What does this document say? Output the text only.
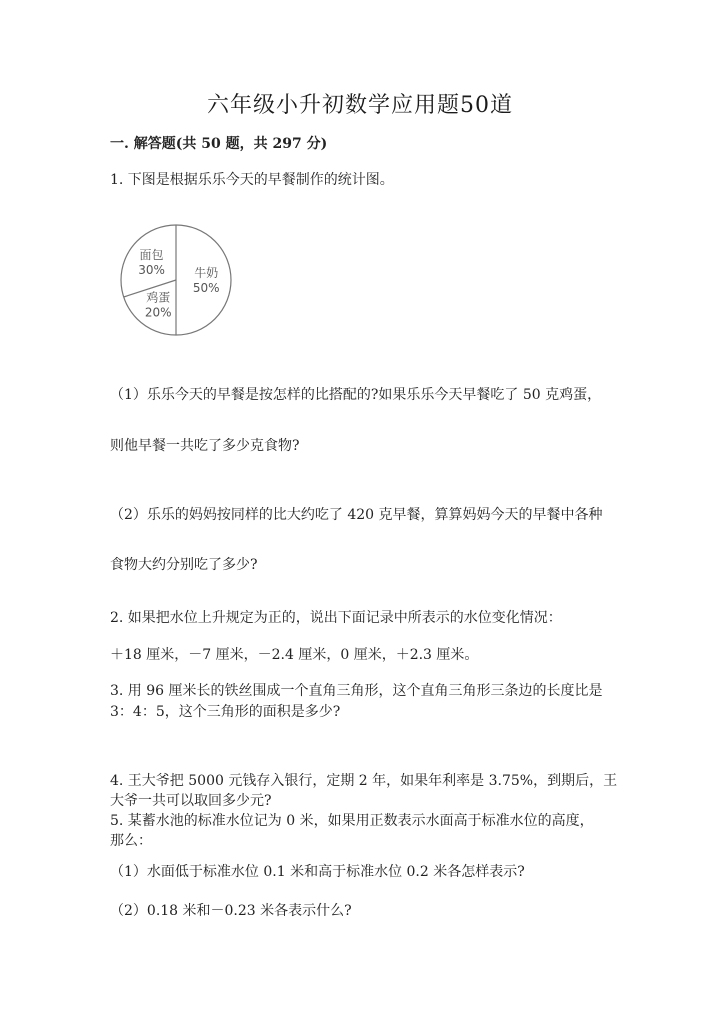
六年级小升初数学应用题50道
一. 解答题(共 50 题，共 297 分)
1. 下图是根据乐乐今天的早餐制作的统计图。
牛奶
50%
鸡蛋
20%
面包
30%
（1）乐乐今天的早餐是按怎样的比搭配的?如果乐乐今天早餐吃了 50 克鸡蛋，
则他早餐一共吃了多少克食物?
（2）乐乐的妈妈按同样的比大约吃了 420 克早餐，算算妈妈今天的早餐中各种
食物大约分别吃了多少?
2. 如果把水位上升规定为正的，说出下面记录中所表示的水位变化情况：
＋18 厘米，－7 厘米，－2.4 厘米，0 厘米，＋2.3 厘米。
3. 用 96 厘米长的铁丝围成一个直角三角形，这个直角三角形三条边的长度比是
3：4：5，这个三角形的面积是多少?
4. 王大爷把 5000 元钱存入银行，定期 2 年，如果年利率是 3.75%，到期后，王
大爷一共可以取回多少元?
5. 某蓄水池的标准水位记为 0 米，如果用正数表示水面高于标准水位的高度，
那么：
（1）水面低于标准水位 0.1 米和高于标准水位 0.2 米各怎样表示?
（2）0.18 米和－0.23 米各表示什么?
